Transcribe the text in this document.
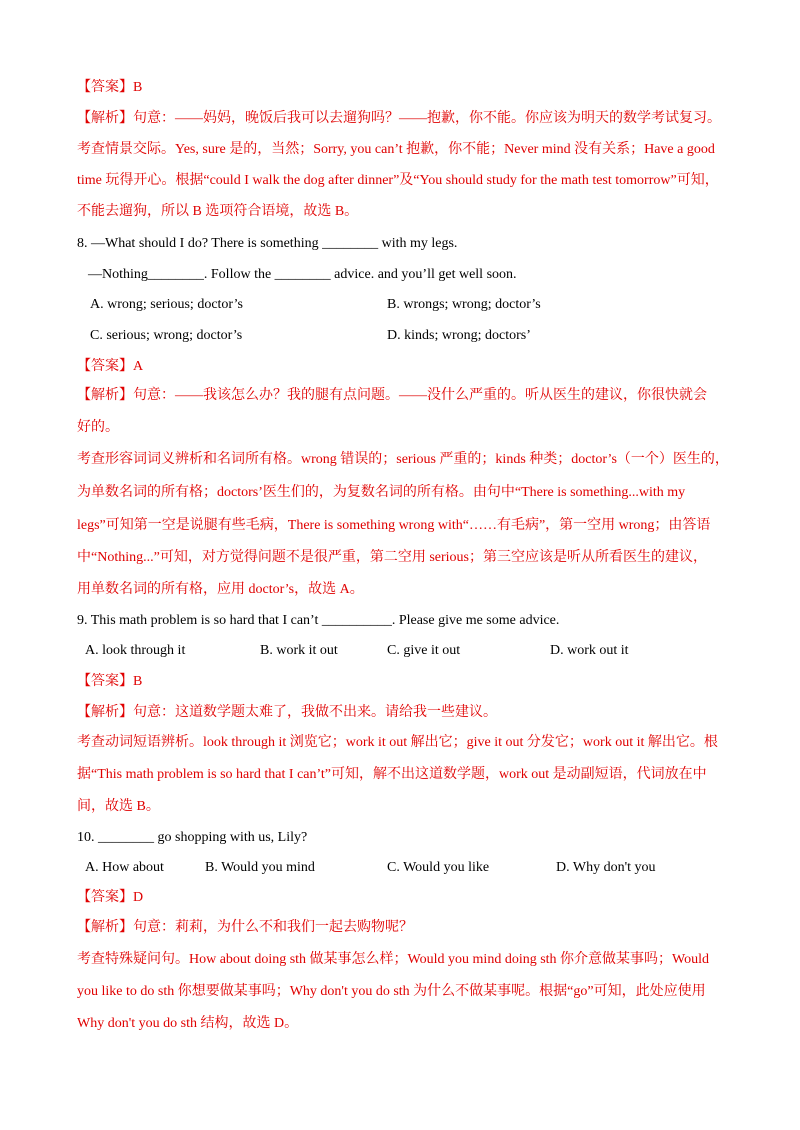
【答案】B
【解析】句意：——妈妈，晚饭后我可以去遛狗吗？——抱歉，你不能。你应该为明天的数学考试复习。
考查情景交际。Yes, sure 是的，当然；Sorry, you can’t 抱歉，你不能；Never mind 没有关系；Have a good
time 玩得开心。根据“could I walk the dog after dinner”及“You should study for the math test tomorrow”可知，
不能去遛狗，所以 B 选项符合语境，故选 B。
8. —What should I do? There is something ________ with my legs.
—Nothing________. Follow the ________ advice. and you’ll get well soon.
A. wrong; serious; doctor’s	B. wrongs; wrong; doctor’s
C. serious; wrong; doctor’s	D. kinds; wrong; doctors’
【答案】A
【解析】句意：——我该怎么办？我的腿有点问题。——没什么严重的。听从医生的建议，你很快就会
好的。
考查形容词词义辨析和名词所有格。wrong 错误的；serious 严重的；kinds 种类；doctor’s（一个）医生的，
为单数名词的所有格；doctors’医生们的，为复数名词的所有格。由句中“There is something...with my
legs”可知第一空是说腿有些毛病，There is something wrong with“……有毛病”，第一空用 wrong；由答语
中“Nothing...”可知，对方觉得问题不是很严重，第二空用 serious；第三空应该是听从所看医生的建议，
用单数名词的所有格，应用 doctor’s，故选 A。
9. This math problem is so hard that I can’t __________. Please give me some advice.
A. look through it	B. work it out	C. give it out	D. work out it
【答案】B
【解析】句意：这道数学题太难了，我做不出来。请给我一些建议。
考查动词短语辨析。look through it 浏览它；work it out 解出它；give it out 分发它；work out it 解出它。根
据“This math problem is so hard that I can’t”可知，解不出这道数学题，work out 是动副短语，代词放在中
间，故选 B。
10. ________ go shopping with us, Lily?
A. How about	B. Would you mind	C. Would you like	D. Why don't you
【答案】D
【解析】句意：莉莉，为什么不和我们一起去购物呢？
考查特殊疑问句。How about doing sth 做某事怎么样；Would you mind doing sth 你介意做某事吗；Would
you like to do sth 你想要做某事吗；Why don't you do sth 为什么不做某事呢。根据“go”可知，此处应使用
Why don't you do sth 结构，故选 D。
